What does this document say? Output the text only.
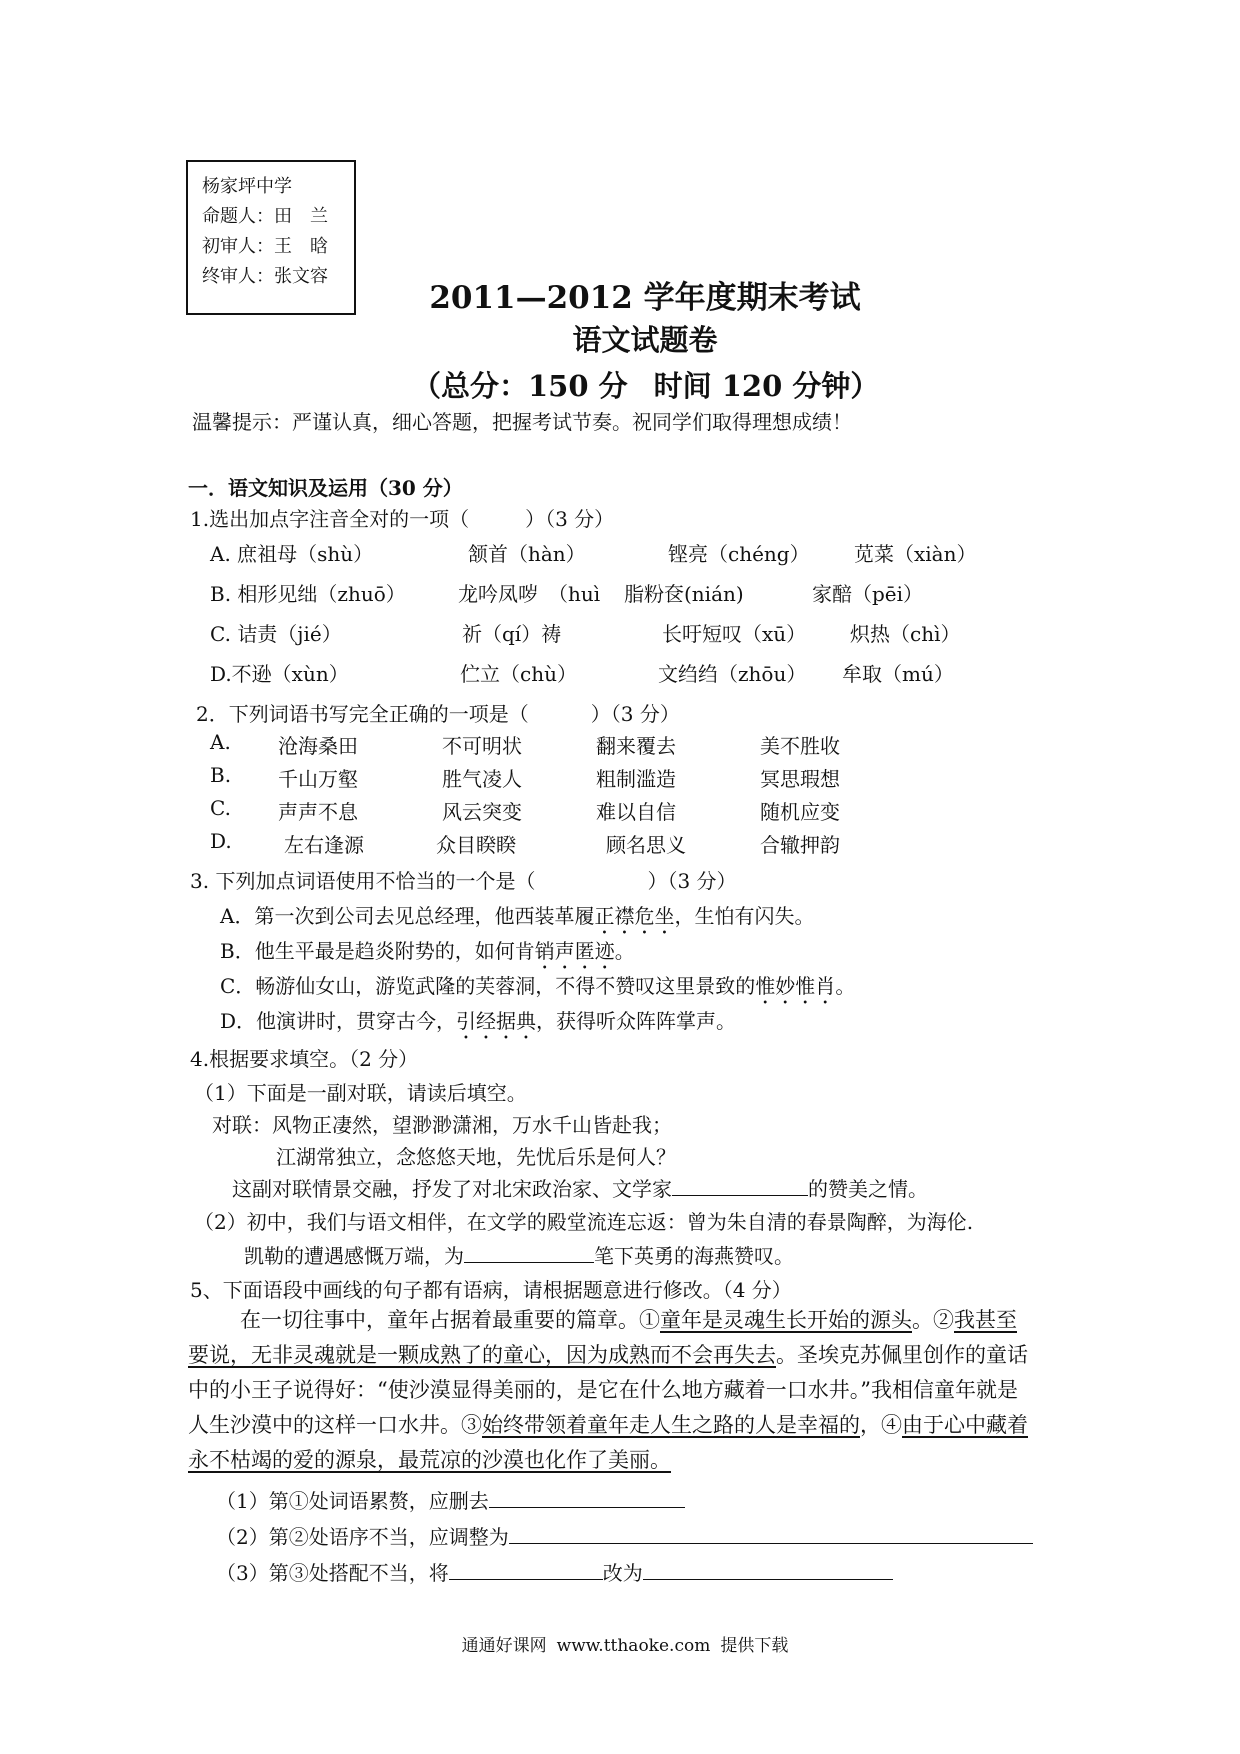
杨家坪中学
命题人：田　兰
初审人：王　晗
终审人：张文容
2011—2012 学年度期末考试
语文试题卷
（总分：150 分 时间 120 分钟）
温馨提示：严谨认真，细心答题，把握考试节奏。祝同学们取得理想成绩！
一．语文知识及运用（30 分）
1.选出加点字注音全对的一项（	）（3 分）
A. 庶祖母（shù）	颔首（hàn）	铿亮（chéng） 苋菜（xiàn）
B. 相形见绌（zhuō）	龙吟凤哕　（huì 脂粉奁(nián)	家醅（pēi）
C. 诘责（jié）	祈（qí）祷	长吁短叹（xū） 炽热（chì）
D.不逊（xùn）	伫立（chù）	文绉绉（zhōu） 牟取（mú）
2．下列词语书写完全正确的一项是（	）（3 分）
A. 沧海桑田	不可明状	翻来覆去	美不胜收
B. 千山万壑	胜气凌人	粗制滥造	冥思瑕想
C. 声声不息	风云突变	难以自信	随机应变
D.	左右逢源	众目睽睽	顾名思义	合辙押韵
3. 下列加点词语使用不恰当的一个是（	）（3 分）
A．第一次到公司去见总经理，他西装革履正襟危坐，生怕有闪失。
B．他生平最是趋炎附势的，如何肯销声匿迹。
C．畅游仙女山，游览武隆的芙蓉洞，不得不赞叹这里景致的惟妙惟肖。
D．他演讲时，贯穿古今，引经据典，获得听众阵阵掌声。
4.根据要求填空。（2 分）
（1）下面是一副对联，请读后填空。
对联：风物正凄然，望渺渺潇湘，万水千山皆赴我；
江湖常独立，念悠悠天地，先忧后乐是何人？
这副对联情景交融，抒发了对北宋政治家、文学家	的赞美之情。
（2）初中，我们与语文相伴，在文学的殿堂流连忘返：曾为朱自清的春景陶醉，为海伦.
凯勒的遭遇感慨万端，为	笔下英勇的海燕赞叹。
5、下面语段中画线的句子都有语病，请根据题意进行修改。（4 分）
在一切往事中，童年占据着最重要的篇章。①童年是灵魂生长开始的源头。②我甚至
要说，无非灵魂就是一颗成熟了的童心，因为成熟而不会再失去。圣埃克苏佩里创作的童话
中的小王子说得好：“使沙漠显得美丽的，是它在什么地方藏着一口水井。”我相信童年就是
人生沙漠中的这样一口水井。③始终带领着童年走人生之路的人是幸福的，④由于心中藏着
永不枯竭的爱的源泉，最荒凉的沙漠也化作了美丽。
（1）第①处词语累赘，应删去
（2）第②处语序不当，应调整为
（3）第③处搭配不当，将	改为
通通好课网 www.tthaoke.com 提供下载
